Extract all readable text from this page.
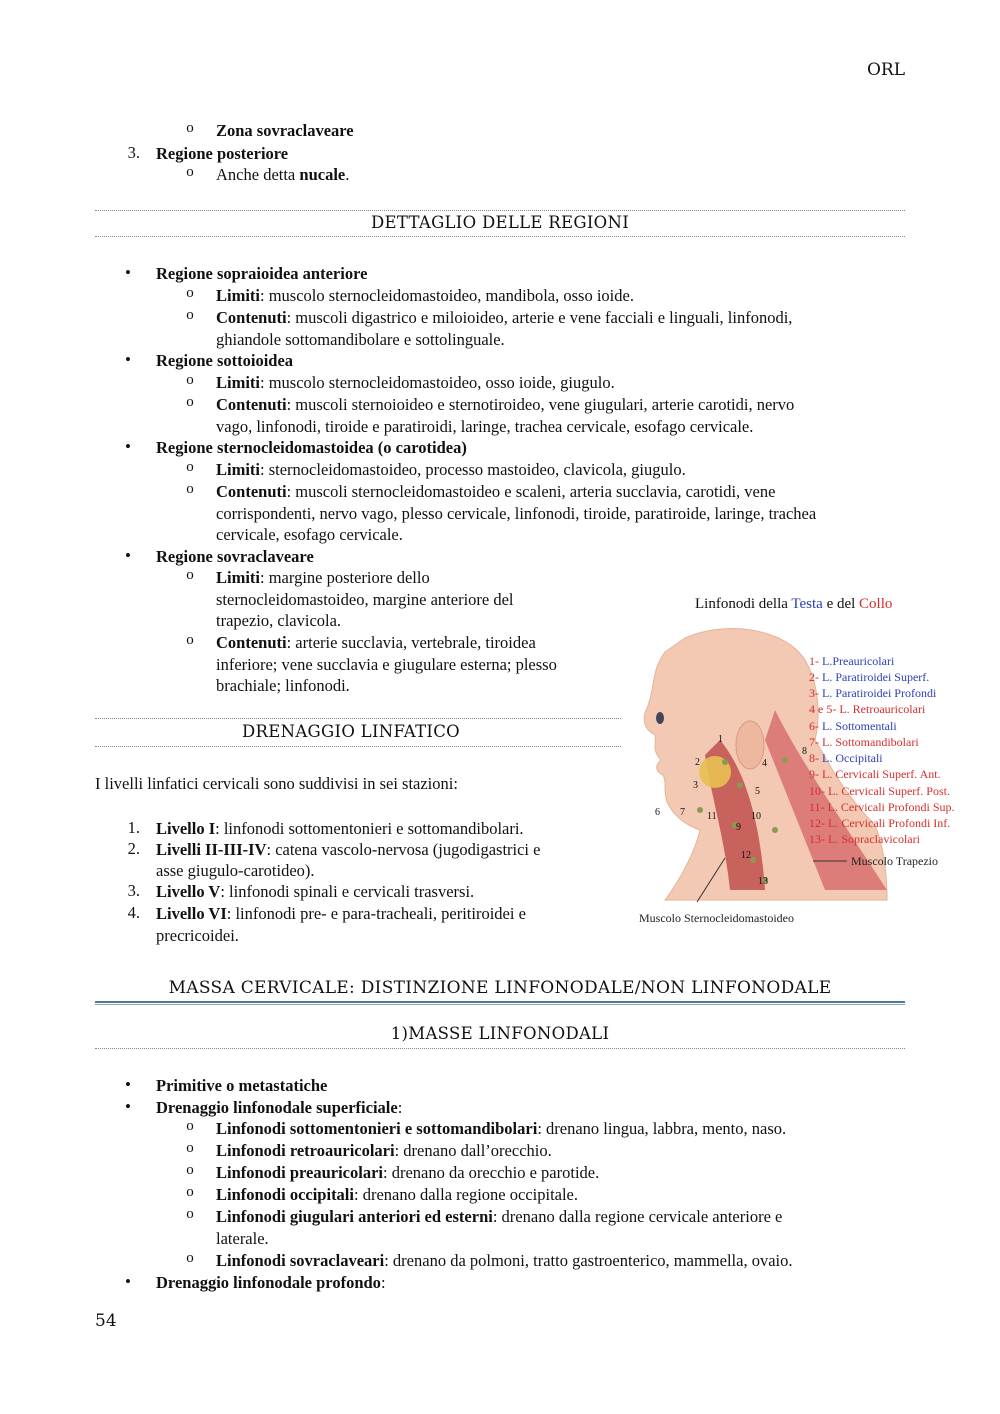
ORL
o Zona sovraclaveare
3. Regione posteriore
o Anche detta nucale.
DETTAGLIO DELLE REGIONI
• Regione sopraioidea anteriore
o Limiti: muscolo sternocleidomastoideo, mandibola, osso ioide.
o Contenuti: muscoli digastrico e miloioideo, arterie e vene facciali e linguali, linfonodi,
ghiandole sottomandibolare e sottolinguale.
• Regione sottoioidea
o Limiti: muscolo sternocleidomastoideo, osso ioide, giugulo.
o Contenuti: muscoli sternoioideo e sternotiroideo, vene giugulari, arterie carotidi, nervo
vago, linfonodi, tiroide e paratiroidi, laringe, trachea cervicale, esofago cervicale.
• Regione sternocleidomastoidea (o carotidea)
o Limiti: sternocleidomastoideo, processo mastoideo, clavicola, giugulo.
o Contenuti: muscoli sternocleidomastoideo e scaleni, arteria succlavia, carotidi, vene
corrispondenti, nervo vago, plesso cervicale, linfonodi, tiroide, paratiroide, laringe, trachea
cervicale, esofago cervicale.
• Regione sovraclaveare
o Limiti: margine posteriore dello
sternocleidomastoideo, margine anteriore del
trapezio, clavicola.
o Contenuti: arterie succlavia, vertebrale, tiroidea
inferiore; vene succlavia e giugulare esterna; plesso
brachiale; linfonodi.
DRENAGGIO LINFATICO
I livelli linfatici cervicali sono suddivisi in sei stazioni:
1. Livello I: linfonodi sottomentonieri e sottomandibolari.
2. Livelli II-III-IV: catena vascolo-nervosa (jugodigastrici e
asse giugulo-carotideo).
3. Livello V: linfonodi spinali e cervicali trasversi.
4. Livello VI: linfonodi pre- e para-tracheali, peritiroidei e
precricoidei.
Linfonodi della Testa e del Collo
1
2
3
4
5
6 7
8
9
10
11
12
13
1- L.Preauricolari
2- L. Paratiroidei Superf.
3- L. Paratiroidei Profondi
4 e 5- L. Retroauricolari
6- L. Sottomentali
7- L. Sottomandibolari
8- L. Occipitali
9- L. Cervicali Superf. Ant.
10- L. Cervicali Superf. Post.
11- L. Cervicali Profondi Sup.
12- L. Cervicali Profondi Inf.
13- L. Sopraclavicolari
Muscolo Trapezio
Muscolo Sternocleidomastoideo
MASSA CERVICALE: DISTINZIONE LINFONODALE/NON LINFONODALE
1)MASSE LINFONODALI
• Primitive o metastatiche
• Drenaggio linfonodale superficiale:
o Linfonodi sottomentonieri e sottomandibolari: drenano lingua, labbra, mento, naso.
o Linfonodi retroauricolari: drenano dall’orecchio.
o Linfonodi preauricolari: drenano da orecchio e parotide.
o Linfonodi occipitali: drenano dalla regione occipitale.
o Linfonodi giugulari anteriori ed esterni: drenano dalla regione cervicale anteriore e
laterale.
o Linfonodi sovraclaveari: drenano da polmoni, tratto gastroenterico, mammella, ovaio.
• Drenaggio linfonodale profondo:
54
